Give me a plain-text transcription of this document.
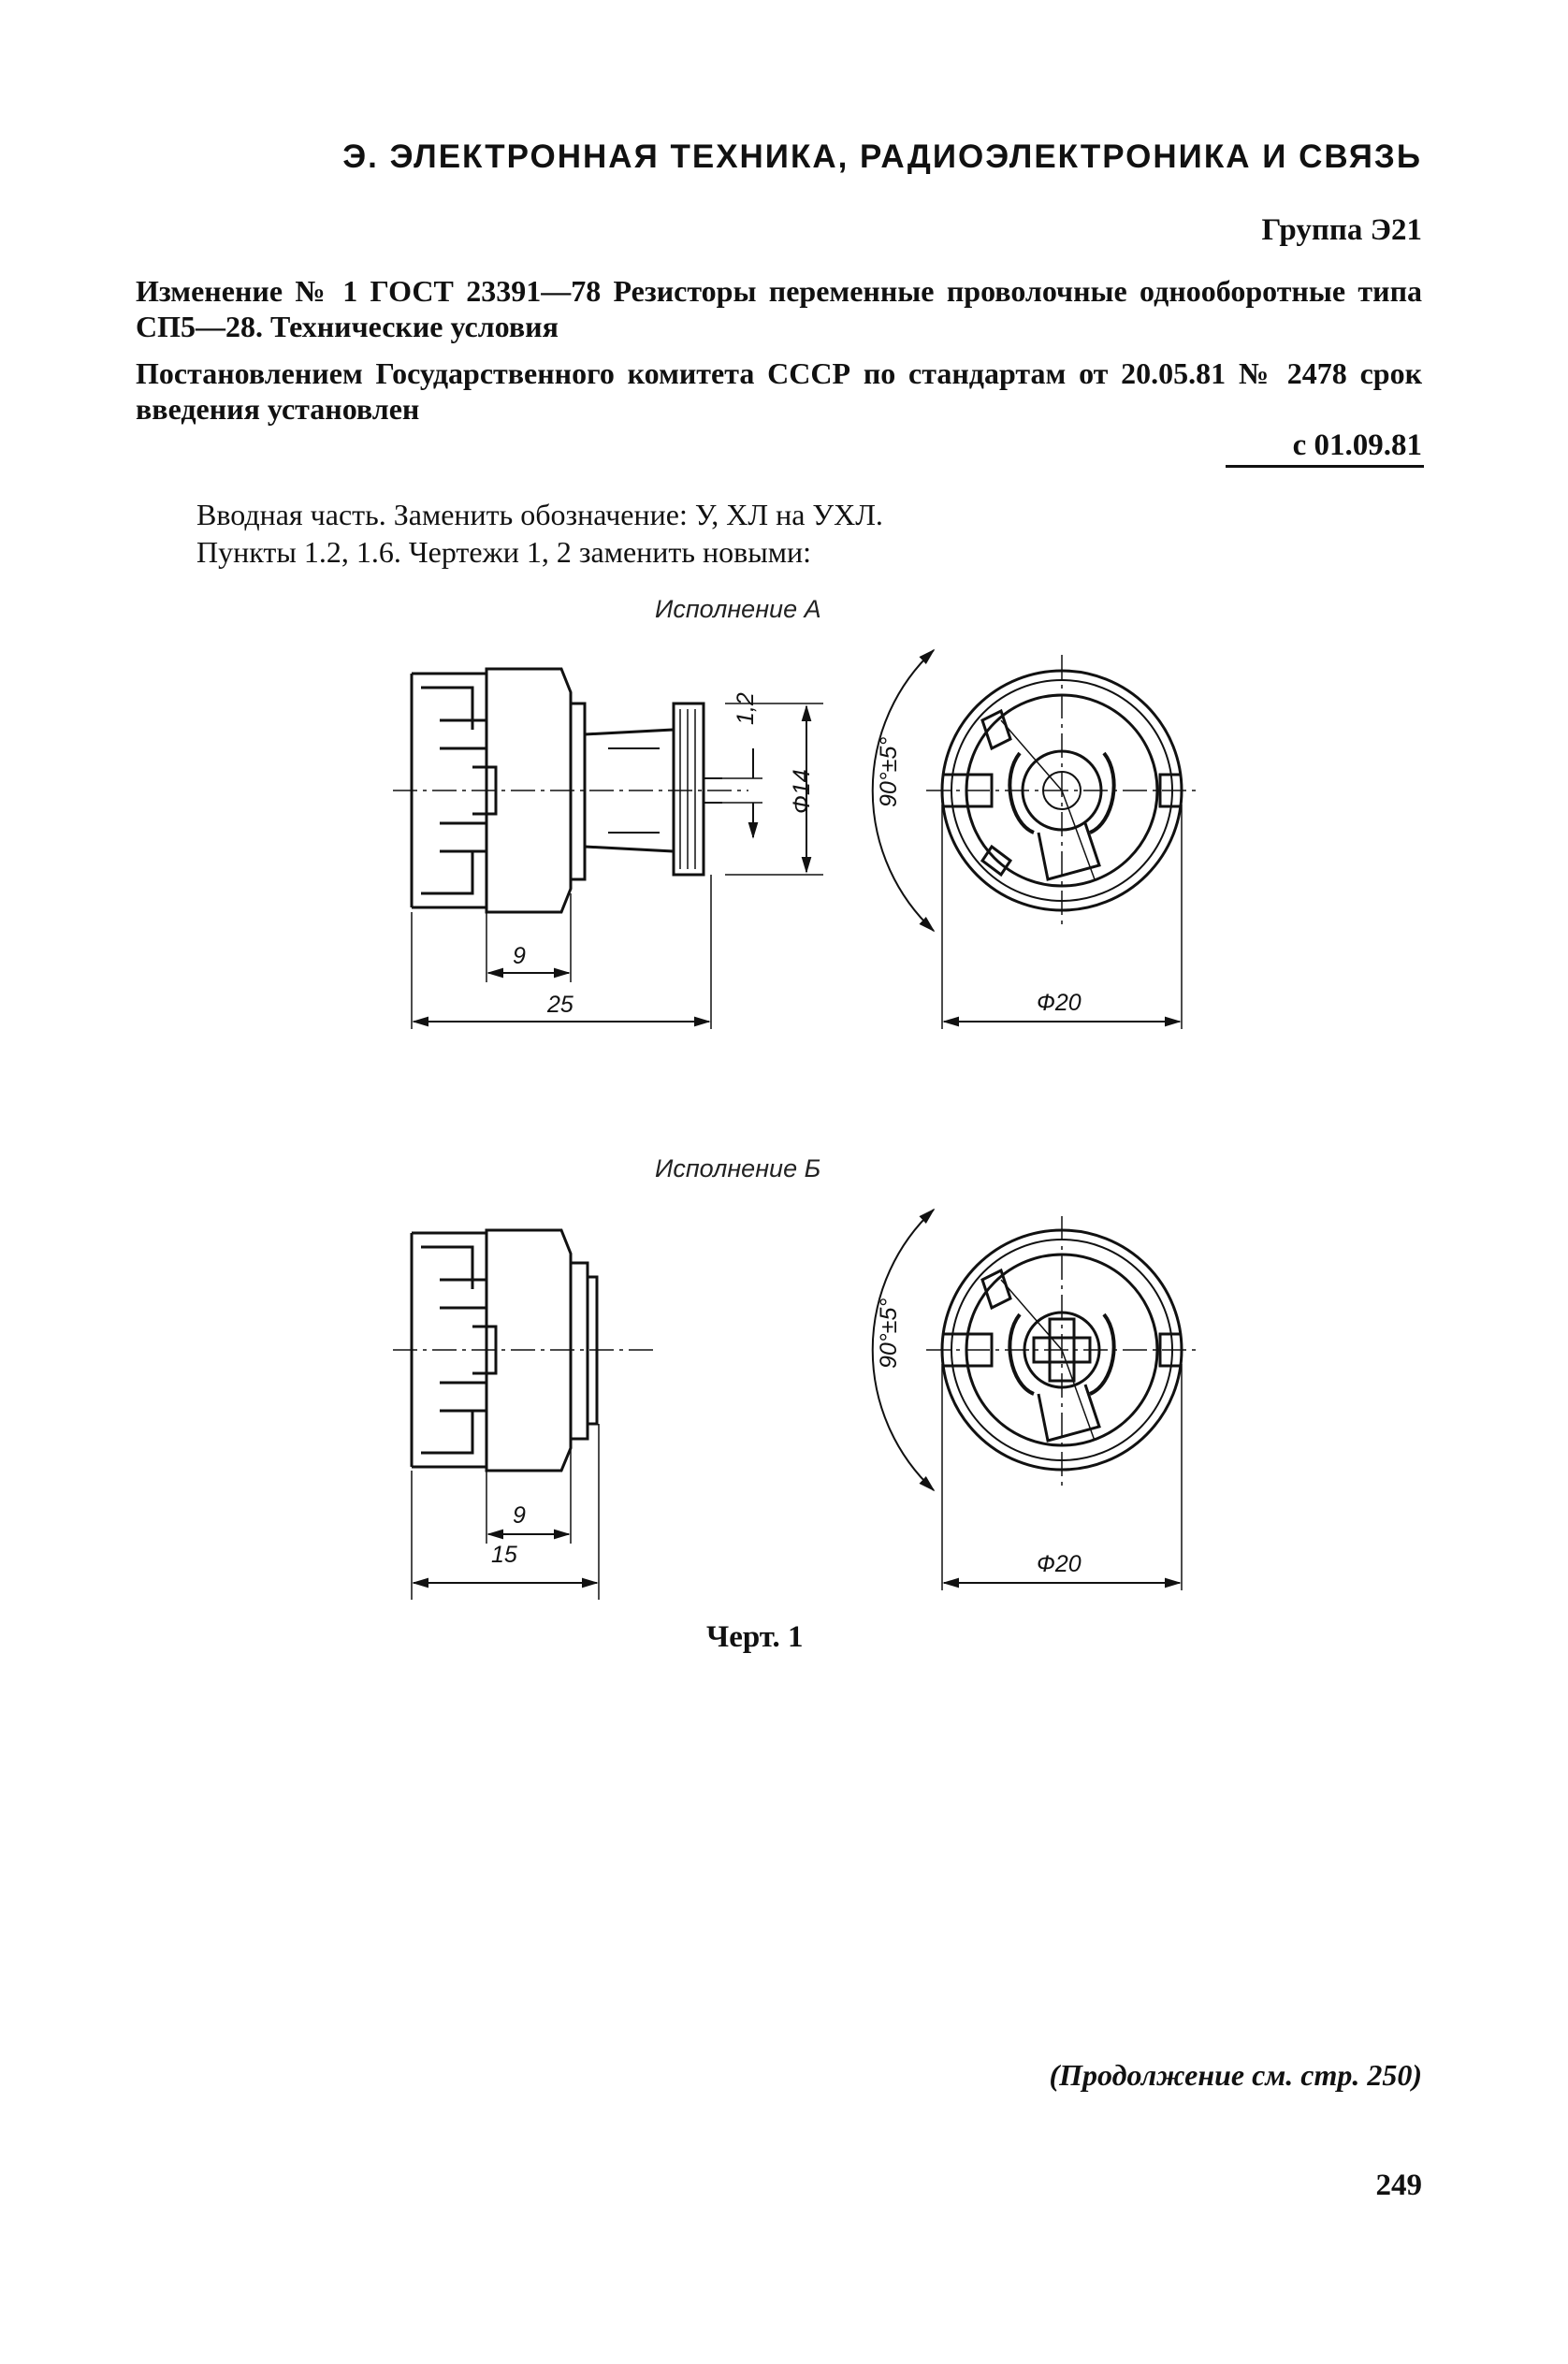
Э. ЭЛЕКТРОННАЯ ТЕХНИКА, РАДИОЭЛЕКТРОНИКА И СВЯЗЬ
Группа Э21
Изменение № 1 ГОСТ 23391—78 Резисторы переменные проволочные однооборотные типа СП5—28. Технические условия
Постановлением Государственного комитета СССР по стандартам от 20.05.81 № 2478 срок введения установлен
с 01.09.81
Вводная часть. Заменить обозначение: У, ХЛ на УХЛ.
Пункты 1.2, 1.6. Чертежи 1, 2 заменить новыми:
Исполнение А
Исполнение Б
1,2
Ф14
9
25
90°±5°
Ф20
9
15
90°±5°
Ф20
Черт. 1
(Продолжение см. стр. 250)
249
